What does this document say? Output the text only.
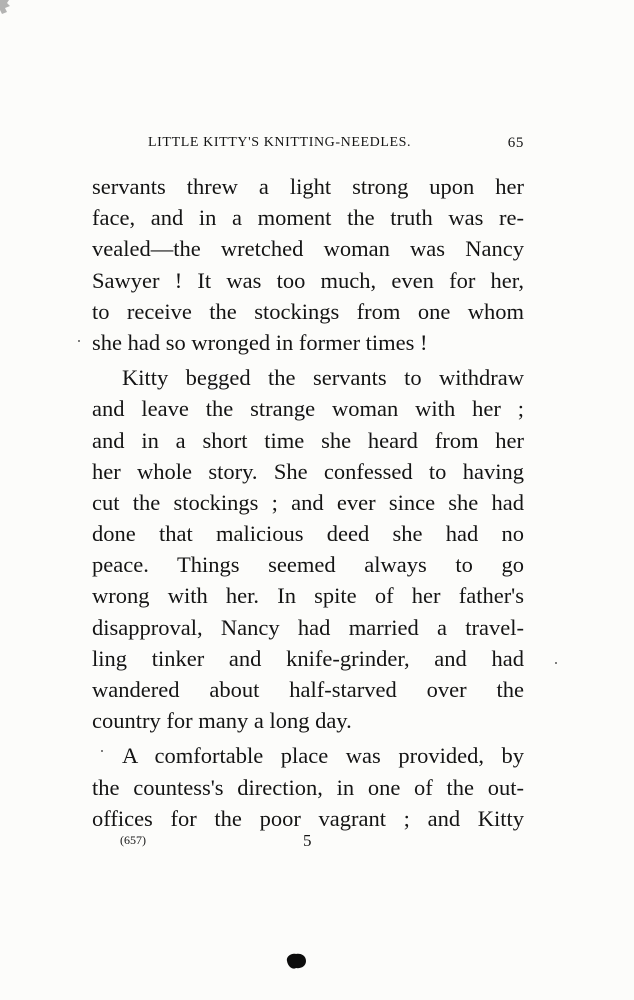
LITTLE KITTY'S KNITTING-NEEDLES.	65
servants threw a light strong upon her
face, and in a moment the truth was re-
vealed—the wretched woman was Nancy
Sawyer ! It was too much, even for her,
to receive the stockings from one whom
she had so wronged in former times !
Kitty begged the servants to withdraw
and leave the strange woman with her ;
and in a short time she heard from her
her whole story. She confessed to having
cut the stockings ; and ever since she had
done that malicious deed she had no
peace. Things seemed always to go
wrong with her. In spite of her father's
disapproval, Nancy had married a travel-
ling tinker and knife-grinder, and had
wandered about half-starved over the
country for many a long day.
A comfortable place was provided, by
the countess's direction, in one of the out-
offices for the poor vagrant ; and Kitty
(657)	5
